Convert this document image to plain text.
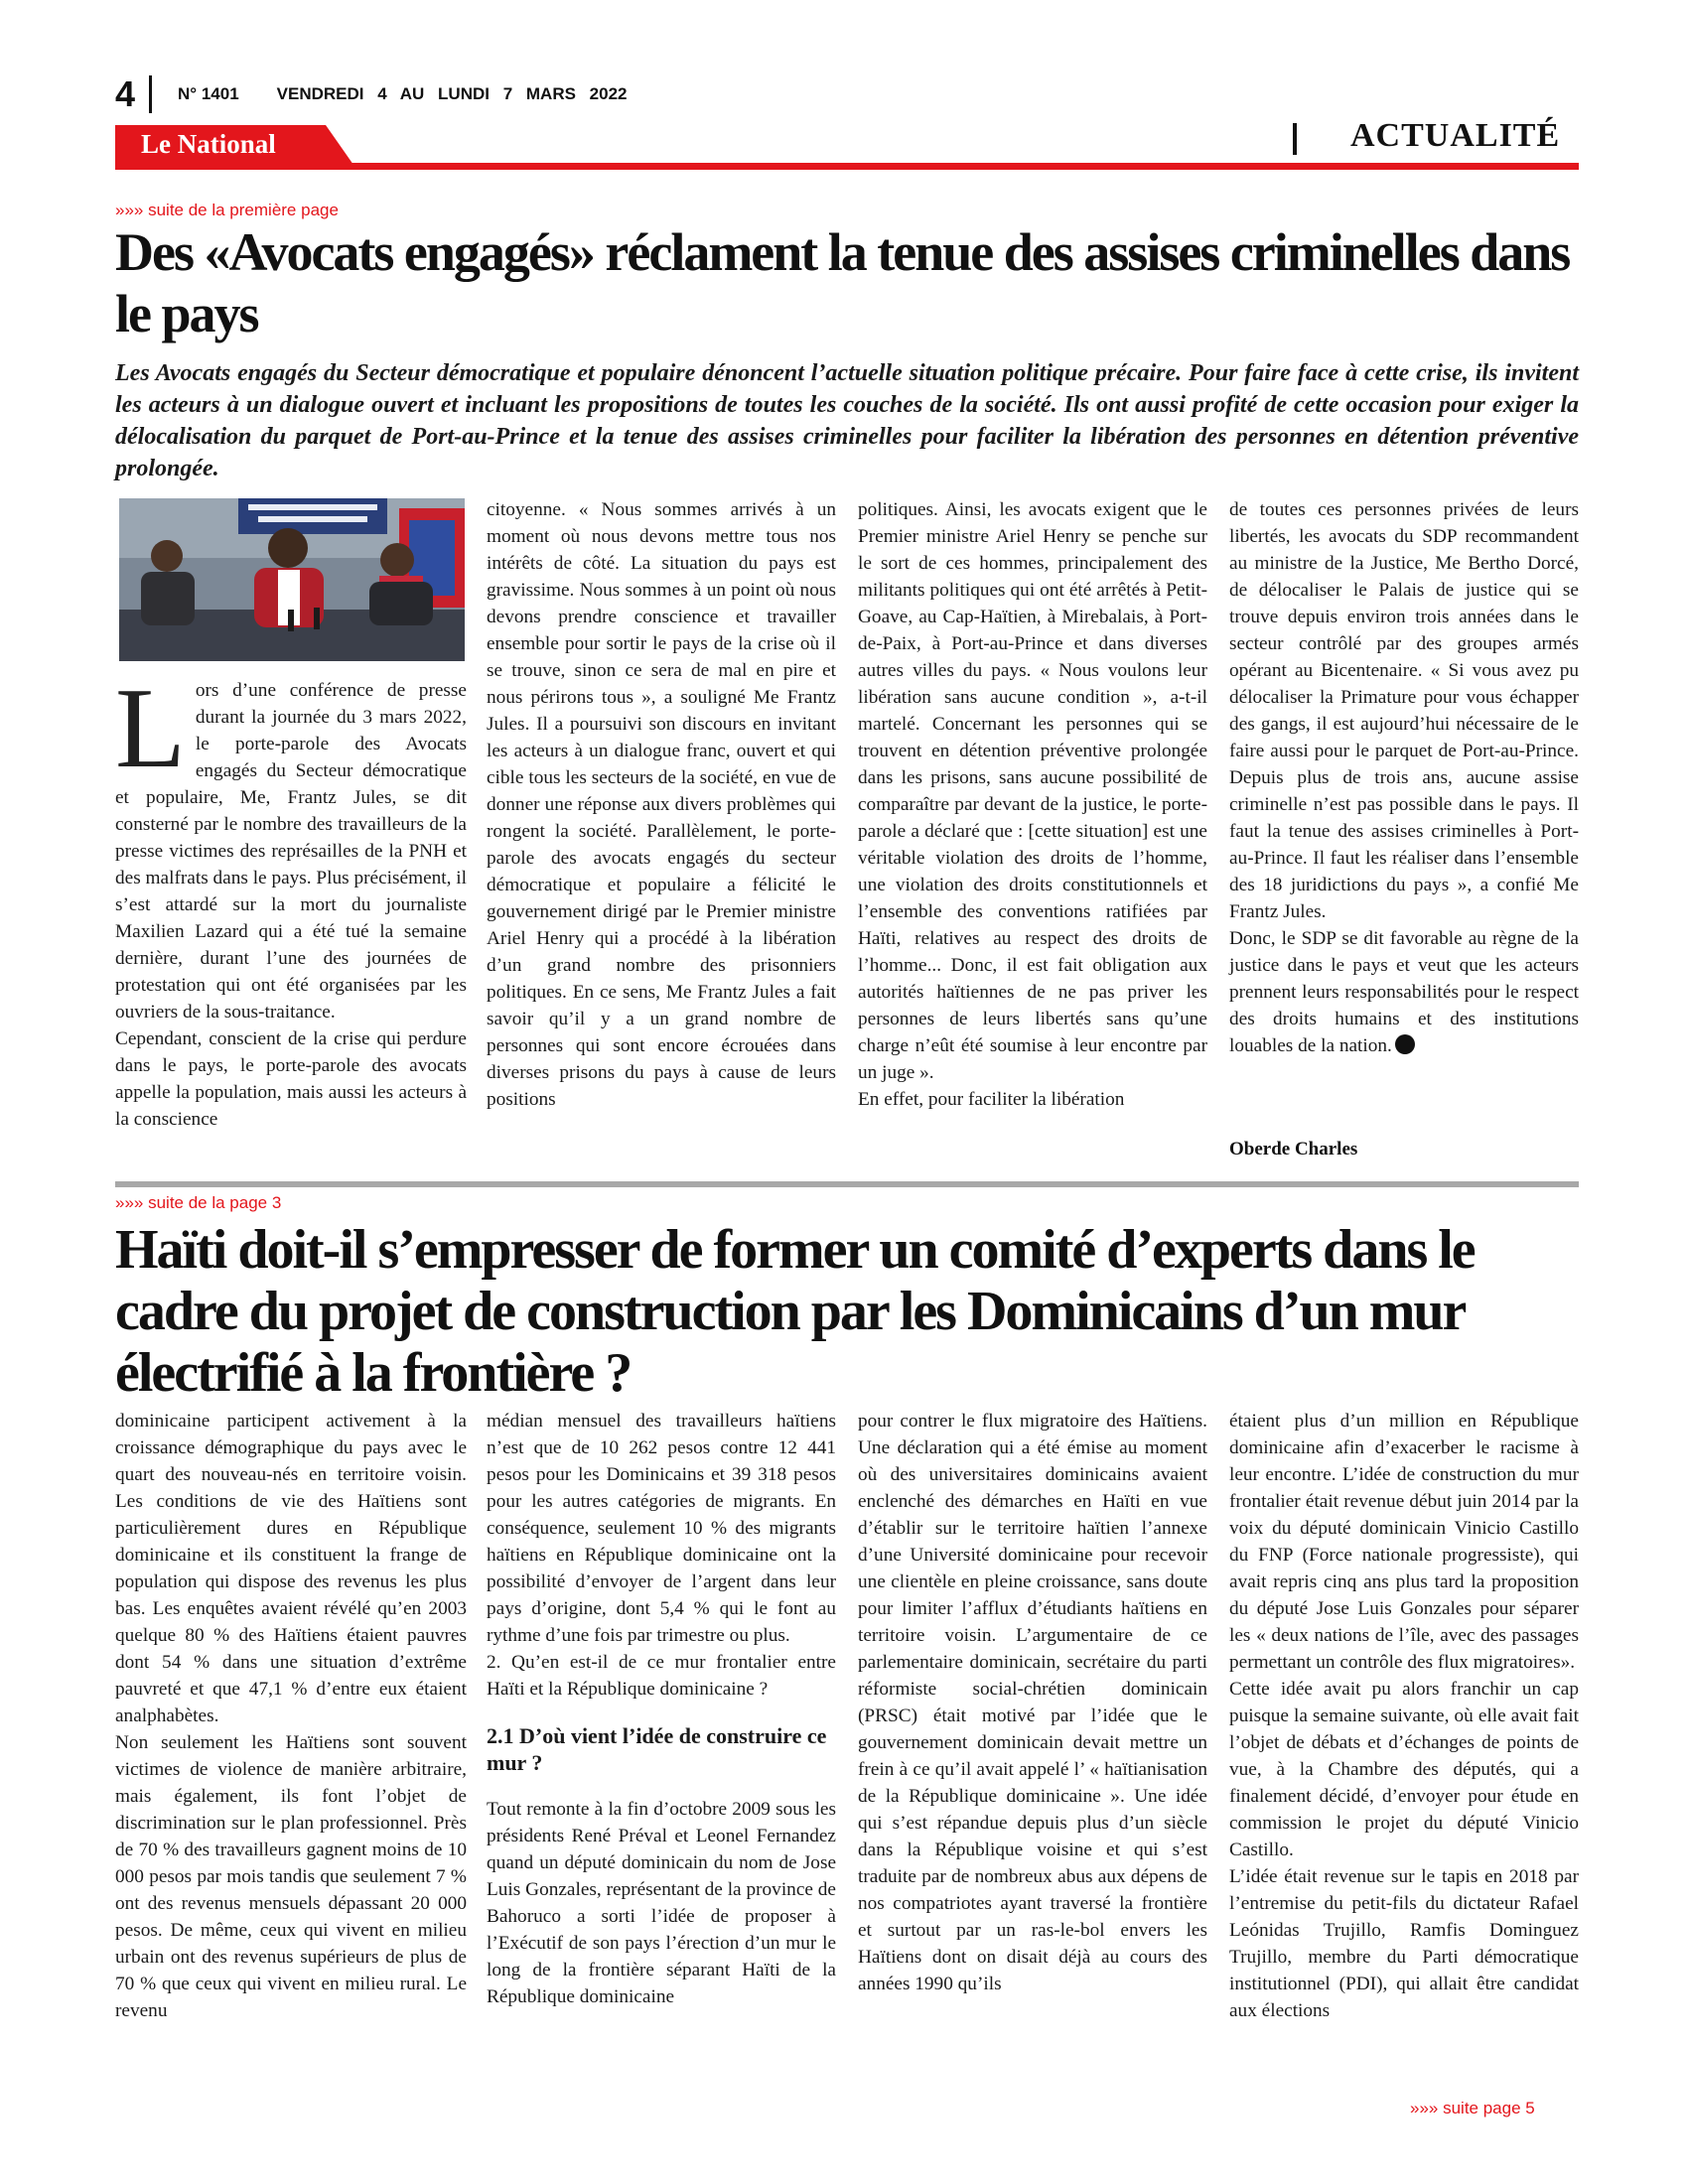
4	N° 1401 VENDREDI 4 AU LUNDI 7 MARS 2022
Le National	ACTUALITÉ
»»» suite de la première page
Des «Avocats engagés» réclament la tenue des assises criminelles dans le pays
Les Avocats engagés du Secteur démocratique et populaire dénoncent l’actuelle situation politique précaire. Pour faire face à cette crise, ils invitent les acteurs à un dialogue ouvert et incluant les propositions de toutes les couches de la société. Ils ont aussi profité de cette occasion pour exiger la délocalisation du parquet de Port-au-Prince et la tenue des assises criminelles pour faciliter la libération des personnes en détention préventive prolongée.

Lors d’une conférence de presse durant la journée du 3 mars 2022, le porte-parole des Avocats engagés du Secteur démocratique et populaire, Me, Frantz Jules, se dit consterné par le nombre des travailleurs de la presse victimes des représailles de la PNH et des malfrats dans le pays. Plus précisément, il s’est attardé sur la mort du journaliste Maxilien Lazard qui a été tué la semaine dernière, durant l’une des journées de protestation qui ont été organisées par les ouvriers de la sous-traitance.

Cependant, conscient de la crise qui perdure dans le pays, le porte-parole des avocats appelle la population, mais aussi les acteurs à la conscience

citoyenne. « Nous sommes arrivés à un moment où nous devons mettre tous nos intérêts de côté. La situation du pays est gravissime. Nous sommes à un point où nous devons prendre conscience et travailler ensemble pour sortir le pays de la crise où il se trouve, sinon ce sera de mal en pire et nous périrons tous », a souligné Me Frantz Jules. Il a poursuivi son discours en invitant les acteurs à un dialogue franc, ouvert et qui cible tous les secteurs de la société, en vue de donner une réponse aux divers problèmes qui rongent la société. Parallèlement, le porte-parole des avocats engagés du secteur démocratique et populaire a félicité le gouvernement dirigé par le Premier ministre Ariel Henry qui a procédé à la libération d’un grand nombre des prisonniers politiques. En ce sens, Me Frantz Jules a fait savoir qu’il y a un grand nombre de personnes qui sont encore écrouées dans diverses prisons du pays à cause de leurs positions

politiques. Ainsi, les avocats exigent que le Premier ministre Ariel Henry se penche sur le sort de ces hommes, principalement des militants politiques qui ont été arrêtés à Petit-Goave, au Cap-Haïtien, à Mirebalais, à Port-de-Paix, à Port-au-Prince et dans diverses autres villes du pays. « Nous voulons leur libération sans aucune condition », a-t-il martelé. Concernant les personnes qui se trouvent en détention préventive prolongée dans les prisons, sans aucune possibilité de comparaître par devant de la justice, le porte-parole a déclaré que : [cette situation] est une véritable violation des droits de l’homme, une violation des droits constitutionnels et l’ensemble des conventions ratifiées par Haïti, relatives au respect des droits de l’homme... Donc, il est fait obligation aux autorités haïtiennes de ne pas priver les personnes de leurs libertés sans qu’une charge n’eût été soumise à leur encontre par un juge ».

En effet, pour faciliter la libération

de toutes ces personnes privées de leurs libertés, les avocats du SDP recommandent au ministre de la Justice, Me Bertho Dorcé, de délocaliser le Palais de justice qui se trouve depuis environ trois années dans le secteur contrôlé par des groupes armés opérant au Bicentenaire. « Si vous avez pu délocaliser la Primature pour vous échapper des gangs, il est aujourd’hui nécessaire de le faire aussi pour le parquet de Port-au-Prince. Depuis plus de trois ans, aucune assise criminelle n’est pas possible dans le pays. Il faut la tenue des assises criminelles à Port-au-Prince. Il faut les réaliser dans l’ensemble des 18 juridictions du pays », a confié Me Frantz Jules.

Donc, le SDP se dit favorable au règne de la justice dans le pays et veut que les acteurs prennent leurs responsabilités pour le respect des droits humains et des institutions louables de la nation.

Oberde Charles
»»» suite de la page 3
Haïti doit-il s’empresser de former un comité d’experts dans le cadre du projet de construction par les Dominicains d’un mur électrifié à la frontière ?

dominicaine participent activement à la croissance démographique du pays avec le quart des nouveau-nés en territoire voisin. Les conditions de vie des Haïtiens sont particulièrement dures en République dominicaine et ils constituent la frange de population qui dispose des revenus les plus bas. Les enquêtes avaient révélé qu’en 2003 quelque 80 % des Haïtiens étaient pauvres dont 54 % dans une situation d’extrême pauvreté et que 47,1 % d’entre eux étaient analphabètes.

Non seulement les Haïtiens sont souvent victimes de violence de manière arbitraire, mais également, ils font l’objet de discrimination sur le plan professionnel. Près de 70 % des travailleurs gagnent moins de 10 000 pesos par mois tandis que seulement 7 % ont des revenus mensuels dépassant 20 000 pesos. De même, ceux qui vivent en milieu urbain ont des revenus supérieurs de plus de 70 % que ceux qui vivent en milieu rural. Le revenu

médian mensuel des travailleurs haïtiens n’est que de 10 262 pesos contre 12 441 pesos pour les Dominicains et 39 318 pesos pour les autres catégories de migrants. En conséquence, seulement 10 % des migrants haïtiens en République dominicaine ont la possibilité d’envoyer de l’argent dans leur pays d’origine, dont 5,4 % qui le font au rythme d’une fois par trimestre ou plus.

2. Qu’en est-il de ce mur frontalier entre Haïti et la République dominicaine ?

2.1 D’où vient l’idée de construire ce mur ?

Tout remonte à la fin d’octobre 2009 sous les présidents René Préval et Leonel Fernandez quand un député dominicain du nom de Jose Luis Gonzales, représentant de la province de Bahoruco a sorti l’idée de proposer à l’Exécutif de son pays l’érection d’un mur le long de la frontière séparant Haïti de la République dominicaine

pour contrer le flux migratoire des Haïtiens. Une déclaration qui a été émise au moment où des universitaires dominicains avaient enclenché des démarches en Haïti en vue d’établir sur le territoire haïtien l’annexe d’une Université dominicaine pour recevoir une clientèle en pleine croissance, sans doute pour limiter l’afflux d’étudiants haïtiens en territoire voisin. L’argumentaire de ce parlementaire dominicain, secrétaire du parti réformiste social-chrétien dominicain (PRSC) était motivé par l’idée que le gouvernement dominicain devait mettre un frein à ce qu’il avait appelé l’ « haïtianisation de la République dominicaine ». Une idée qui s’est répandue depuis plus d’un siècle dans la République voisine et qui s’est traduite par de nombreux abus aux dépens de nos compatriotes ayant traversé la frontière et surtout par un ras-le-bol envers les Haïtiens dont on disait déjà au cours des années 1990 qu’ils

étaient plus d’un million en République dominicaine afin d’exacerber le racisme à leur encontre. L’idée de construction du mur frontalier était revenue début juin 2014 par la voix du député dominicain Vinicio Castillo du FNP (Force nationale progressiste), qui avait repris cinq ans plus tard la proposition du député Jose Luis Gonzales pour séparer les « deux nations de l’île, avec des passages permettant un contrôle des flux migratoires».

Cette idée avait pu alors franchir un cap puisque la semaine suivante, où elle avait fait l’objet de débats et d’échanges de points de vue, à la Chambre des députés, qui a finalement décidé, d’envoyer pour étude en commission le projet du député Vinicio Castillo.

L’idée était revenue sur le tapis en 2018 par l’entremise du petit-fils du dictateur Rafael Leónidas Trujillo, Ramfis Dominguez Trujillo, membre du Parti démocratique institutionnel (PDI), qui allait être candidat aux élections

»»» suite page 5
